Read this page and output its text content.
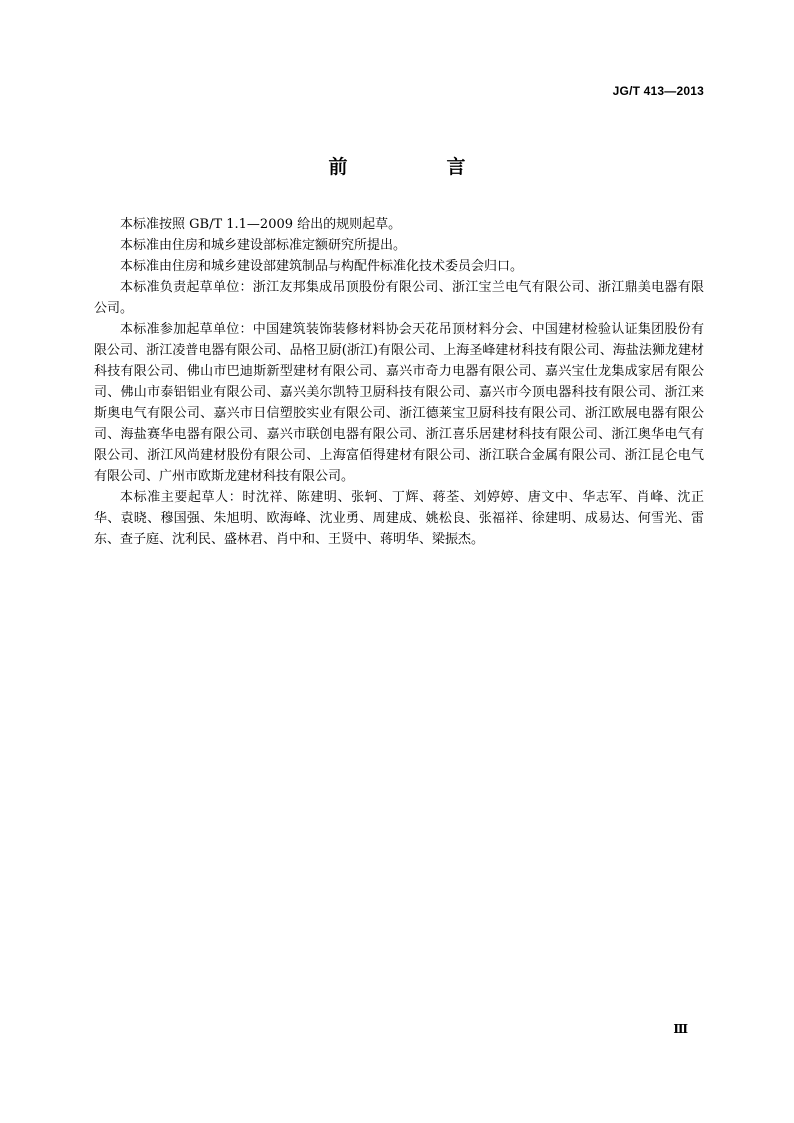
JG/T 413—2013
前　言

本标准按照 GB/T 1.1—2009 给出的规则起草。

本标准由住房和城乡建设部标准定额研究所提出。

本标准由住房和城乡建设部建筑制品与构配件标准化技术委员会归口。

本标准负责起草单位：浙江友邦集成吊顶股份有限公司、浙江宝兰电气有限公司、浙江鼎美电器有限公司。

本标准参加起草单位：中国建筑装饰装修材料协会天花吊顶材料分会、中国建材检验认证集团股份有限公司、浙江凌普电器有限公司、品格卫厨(浙江)有限公司、上海圣峰建材科技有限公司、海盐法狮龙建材科技有限公司、佛山市巴迪斯新型建材有限公司、嘉兴市奇力电器有限公司、嘉兴宝仕龙集成家居有限公司、佛山市泰铝铝业有限公司、嘉兴美尔凯特卫厨科技有限公司、嘉兴市今顶电器科技有限公司、浙江来斯奥电气有限公司、嘉兴市日信塑胶实业有限公司、浙江德莱宝卫厨科技有限公司、浙江欧展电器有限公司、海盐赛华电器有限公司、嘉兴市联创电器有限公司、浙江喜乐居建材科技有限公司、浙江奥华电气有限公司、浙江风尚建材股份有限公司、上海富佰得建材有限公司、浙江联合金属有限公司、浙江昆仑电气有限公司、广州市欧斯龙建材科技有限公司。

本标准主要起草人：时沈祥、陈建明、张轲、丁辉、蒋荃、刘婷婷、唐文中、华志军、肖峰、沈正华、袁晓、穆国强、朱旭明、欧海峰、沈业勇、周建成、姚松良、张福祥、徐建明、成易达、何雪光、雷东、查子庭、沈利民、盛林君、肖中和、王贤中、蒋明华、梁振杰。

Ⅲ
